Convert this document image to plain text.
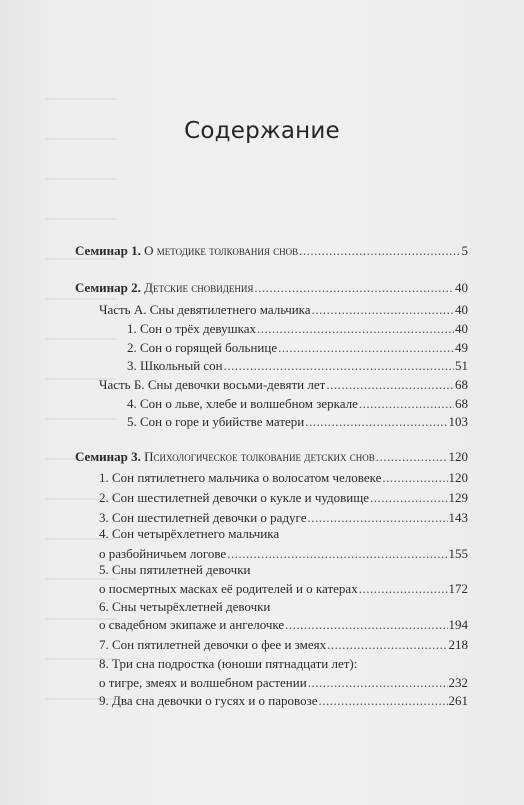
Содержание
Семинар 1. О методике толкования снов .....	5
Семинар 2. Детские сновидения .....	40
Часть А. Сны девятилетнего мальчика .....	40
1. Сон о трёх девушках .....	40
2. Сон о горящей больнице .....	49
3. Школьный сон .....	51
Часть Б. Сны девочки восьми-девяти лет .....	68
4. Сон о льве, хлебе и волшебном зеркале .....	68
5. Сон о горе и убийстве матери .....	103
Семинар 3. Психологическое толкование детских снов .....	120
1. Сон пятилетнего мальчика о волосатом человеке .....	120
2. Сон шестилетней девочки о кукле и чудовище .....	129
3. Сон шестилетней девочки о радуге .....	143
4. Сон четырёхлетнего мальчика
о разбойничьем логове .....	155
5. Сны пятилетней девочки
о посмертных масках её родителей и о катерах .....	172
6. Сны четырёхлетней девочки
о свадебном экипаже и ангелочке .....	194
7. Сон пятилетней девочки о фее и змеях .....	218
8. Три сна подростка (юноши пятнадцати лет):
о тигре, змеях и волшебном растении .....	232
9. Два сна девочки о гусях и о паровозе .....	261
